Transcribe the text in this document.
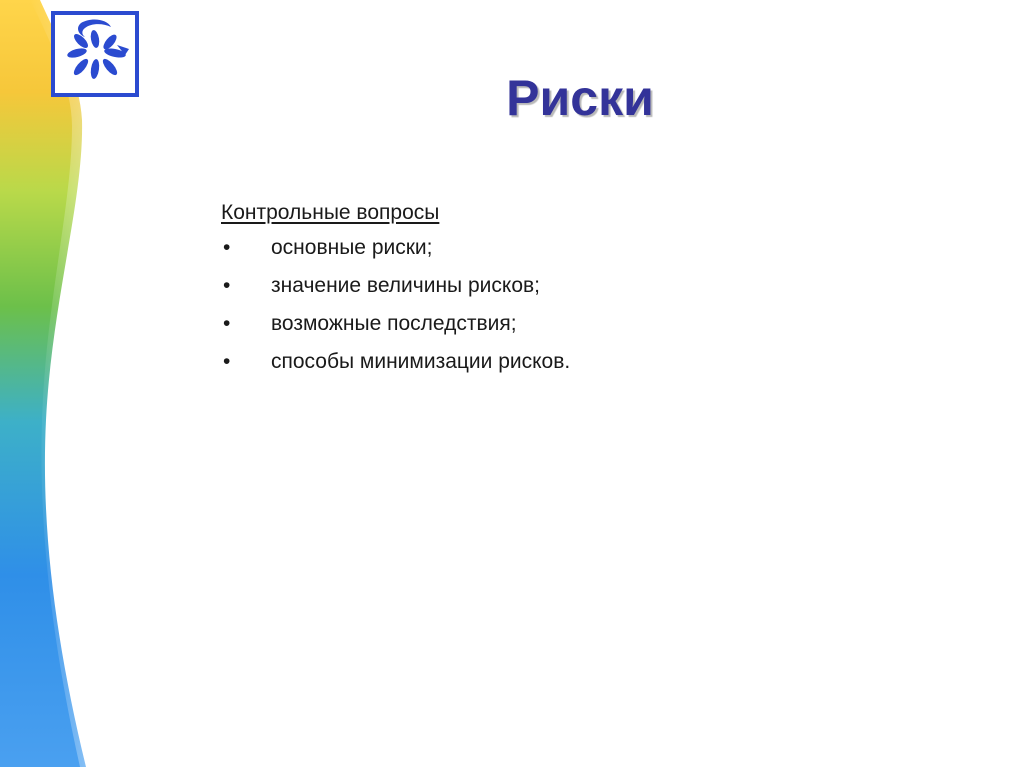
Риски
Контрольные вопросы
• основные риски;
• значение величины рисков;
• возможные последствия;
• способы минимизации рисков.
